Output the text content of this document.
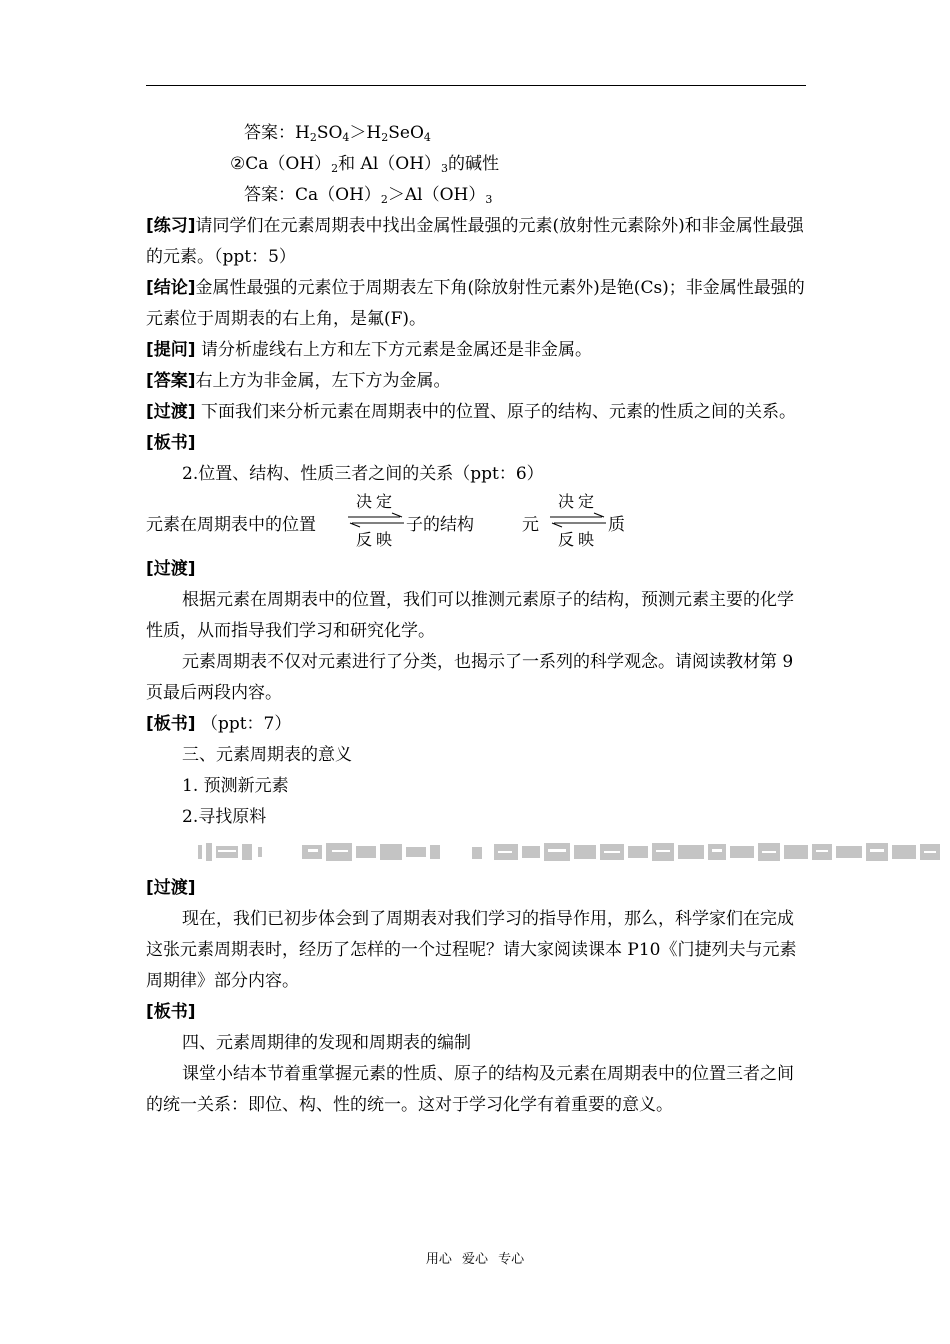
答案：$H_2SO_4>H_2SeO_4$

$②Ca(OH)_2$和 $Al(OH)_3$的碱性

答案：$Ca(OH)_2>Al(OH)_3$

[练习]请同学们在元素周期表中找出金属性最强的元素(放射性元素除外)和非金属性最强的元素。（ppt：5）

[结论]金属性最强的元素位于周期表左下角(除放射性元素外)是铯(Cs)；非金属性最强的元素位于周期表的右上角，是氟(F)。

[提问] 请分析虚线右上方和左下方元素是金属还是非金属。

[答案]右上方为非金属，左下方为金属。

[过渡] 下面我们来分析元素在周期表中的位置、原子的结构、元素的性质之间的关系。

[板书]

2.位置、结构、性质三者之间的关系（ppt：6）

元素在周期表中的位置
决定
反映
子的结构	元
决定
反映
质

[过渡]

根据元素在周期表中的位置，我们可以推测元素原子的结构，预测元素主要的化学性质，从而指导我们学习和研究化学。

元素周期表不仅对元素进行了分类，也揭示了一系列的科学观念。请阅读教材第 9 页最后两段内容。

[板书] （ppt：7）

三、元素周期表的意义

1. 预测新元素

2.寻找原料

[过渡]

现在，我们已初步体会到了周期表对我们学习的指导作用，那么，科学家们在完成这张元素周期表时，经历了怎样的一个过程呢？请大家阅读课本 P10《门捷列夫与元素周期律》部分内容。

[板书]

四、元素周期律的发现和周期表的编制

课堂小结本节着重掌握元素的性质、原子的结构及元素在周期表中的位置三者之间的统一关系：即位、构、性的统一。这对于学习化学有着重要的意义。

用心 爱心 专心
